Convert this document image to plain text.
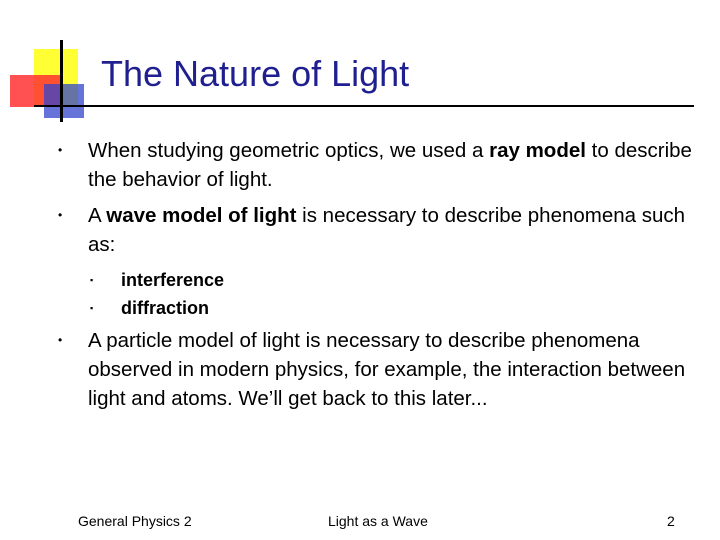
The Nature of Light
• When studying geometric optics, we used a ray model to describe the behavior of light.
• A wave model of light is necessary to describe phenomena such as:
▪ interference
▪ diffraction
• A particle model of light is necessary to describe phenomena observed in modern physics, for example, the interaction between light and atoms. We’ll get back to this later...
General Physics 2	Light as a Wave	2
